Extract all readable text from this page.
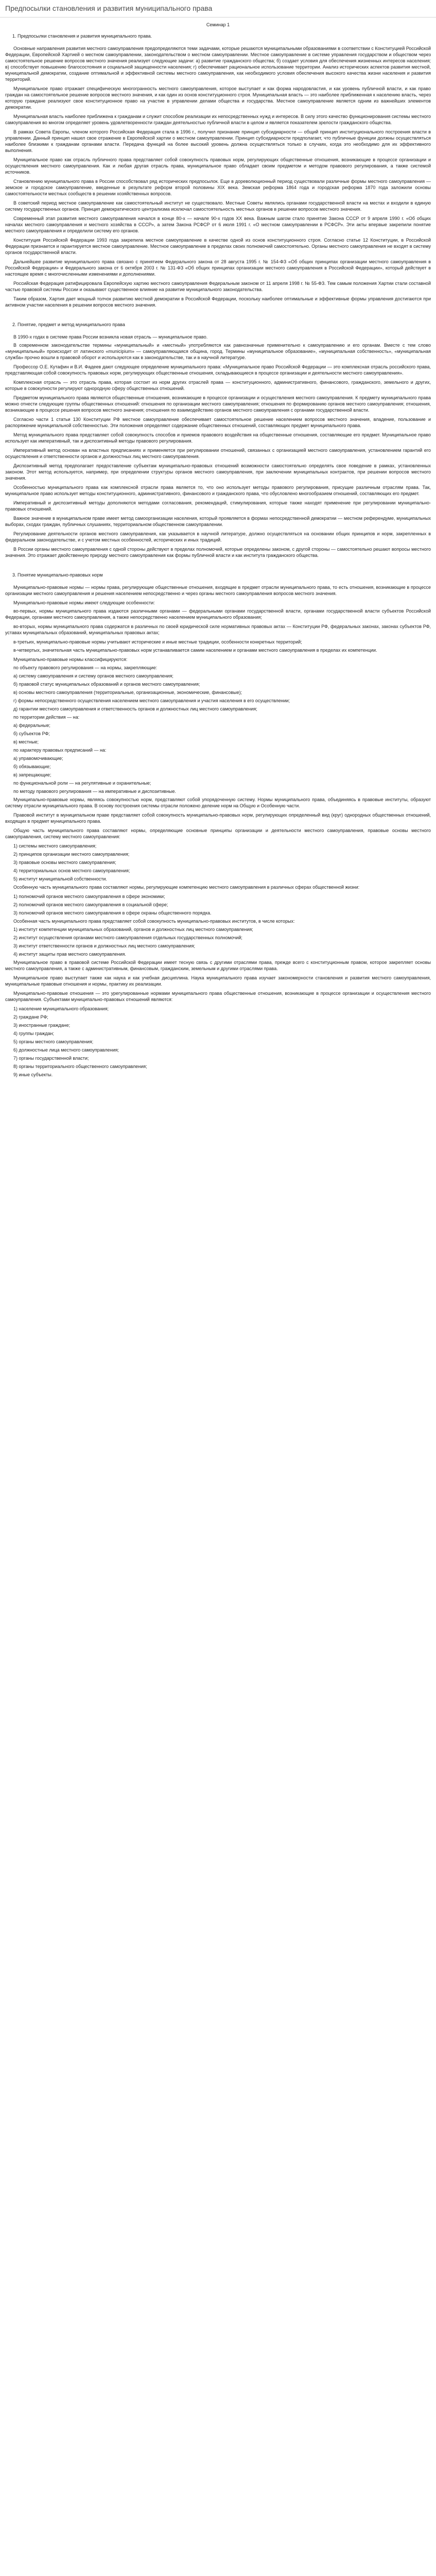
Предпосылки становления и развития муниципального права

Семинар 1

1. Предпосылки становления и развития муниципального права.

Основные направления развития местного самоуправления предопределяются теми задачами, которые решаются муниципальными образованиями в соответствии с Конституцией Российской Федерации, Европейской Хартией о местном самоуправлении, законодательством о местном самоуправлении. Местное самоуправление в системе управления государством и обществом через самостоятельное решение вопросов местного значения реализует следующие задачи: а) развитие гражданского общества; б) создает условия для обеспечения жизненных интересов населения; в) способствует повышению благосостояния и социальной защищенности населения; г) обеспечивает рациональное использование территории. Анализ исторических аспектов развития местной, муниципальной демократии, создание оптимальной и эффективной системы местного самоуправления, как необходимого условия обеспечения высокого качества жизни населения и развития территорий.

Муниципальное право отражает специфическую многогранность местного самоуправления, которое выступает и как форма народовластия, и как уровень публичной власти, и как право граждан на самостоятельное решение вопросов местного значения, и как один из основ конституционного строя. Муниципальная власть — это наиболее приближенная к населению власть, через которую граждане реализуют свое конституционное право на участие в управлении делами общества и государства. Местное самоуправление является одним из важнейших элементов демократии.

Муниципальная власть наиболее приближена к гражданам и служит способом реализации их непосредственных нужд и интересов. В силу этого качество функционирования системы местного самоуправления во многом определяет уровень удовлетворенности граждан деятельностью публичной власти в целом и является показателем зрелости гражданского общества.

В рамках Совета Европы, членом которого Российская Федерация стала в 1996 г., получил признание принцип субсидиарности — общий принцип институционального построения власти в управлении. Данный принцип нашел свое отражение в Европейской хартии о местном самоуправлении. Принцип субсидиарности предполагает, что публичные функции должны осуществляться наиболее близкими к гражданам органами власти. Передача функций на более высокий уровень должна осуществляться только в случаях, когда это необходимо для их эффективного выполнения.

Муниципальное право как отрасль публичного права представляет собой совокупность правовых норм, регулирующих общественные отношения, возникающие в процессе организации и осуществления местного самоуправления. Как и любая другая отрасль права, муниципальное право обладает своим предметом и методом правового регулирования, а также системой источников.

Становлению муниципального права в России способствовал ряд исторических предпосылок. Еще в дореволюционный период существовали различные формы местного самоуправления — земское и городское самоуправление, введенные в результате реформ второй половины XIX века. Земская реформа 1864 года и городская реформа 1870 года заложили основы самостоятельности местных сообществ в решении хозяйственных вопросов.

В советский период местное самоуправление как самостоятельный институт не существовало. Местные Советы являлись органами государственной власти на местах и входили в единую систему государственных органов. Принцип демократического централизма исключал самостоятельность местных органов в решении вопросов местного значения.

Современный этап развития местного самоуправления начался в конце 80-х — начале 90-х годов XX века. Важным шагом стало принятие Закона СССР от 9 апреля 1990 г. «Об общих началах местного самоуправления и местного хозяйства в СССР», а затем Закона РСФСР от 6 июля 1991 г. «О местном самоуправлении в РСФСР». Эти акты впервые закрепили понятие местного самоуправления и определили систему его органов.

Конституция Российской Федерации 1993 года закрепила местное самоуправление в качестве одной из основ конституционного строя. Согласно статье 12 Конституции, в Российской Федерации признается и гарантируется местное самоуправление. Местное самоуправление в пределах своих полномочий самостоятельно. Органы местного самоуправления не входят в систему органов государственной власти.

Дальнейшее развитие муниципального права связано с принятием Федерального закона от 28 августа 1995 г. № 154-ФЗ «Об общих принципах организации местного самоуправления в Российской Федерации» и Федерального закона от 6 октября 2003 г. № 131-ФЗ «Об общих принципах организации местного самоуправления в Российской Федерации», который действует в настоящее время с многочисленными изменениями и дополнениями.

Российская Федерация ратифицировала Европейскую хартию местного самоуправления Федеральным законом от 11 апреля 1998 г. № 55-ФЗ. Тем самым положения Хартии стали составной частью правовой системы России и оказывают существенное влияние на развитие муниципального законодательства.

Таким образом, Хартия дает мощный толчок развитию местной демократии в Российской Федерации, поскольку наиболее оптимальные и эффективные формы управления достигаются при активном участии населения в решении вопросов местного значения.

2. Понятие, предмет и метод муниципального права

В 1990-х годах в системе права России возникла новая отрасль — муниципальное право.

В современном законодательстве термины «муниципальный» и «местный» употребляются как равнозначные применительно к самоуправлению и его органам. Вместе с тем слово «муниципальный» происходит от латинского «municipium» — самоуправляющаяся община, город. Термины «муниципальное образование», «муниципальная собственность», «муниципальная служба» прочно вошли в правовой оборот и используются как в законодательстве, так и в научной литературе.

Профессор О.Е. Кутафин и В.И. Фадеев дают следующее определение муниципального права: «Муниципальное право Российской Федерации — это комплексная отрасль российского права, представляющая собой совокупность правовых норм, регулирующих общественные отношения, складывающиеся в процессе организации и деятельности местного самоуправления».

Комплексная отрасль — это отрасль права, которая состоит из норм других отраслей права — конституционного, административного, финансового, гражданского, земельного и других, которые в совокупности регулируют однородную сферу общественных отношений.

Предметом муниципального права являются общественные отношения, возникающие в процессе организации и осуществления местного самоуправления. К предмету муниципального права можно отнести следующие группы общественных отношений: отношения по организации местного самоуправления; отношения по формированию органов местного самоуправления; отношения, возникающие в процессе решения вопросов местного значения; отношения по взаимодействию органов местного самоуправления с органами государственной власти.

Согласно части 1 статьи 130 Конституции РФ местное самоуправление обеспечивает самостоятельное решение населением вопросов местного значения, владение, пользование и распоряжение муниципальной собственностью. Эти положения определяют содержание общественных отношений, составляющих предмет муниципального права.

Метод муниципального права представляет собой совокупность способов и приемов правового воздействия на общественные отношения, составляющие его предмет. Муниципальное право использует как императивный, так и диспозитивный методы правового регулирования.

Императивный метод основан на властных предписаниях и применяется при регулировании отношений, связанных с организацией местного самоуправления, установлением гарантий его осуществления и ответственности органов и должностных лиц местного самоуправления.

Диспозитивный метод предполагает предоставление субъектам муниципально-правовых отношений возможности самостоятельно определять свое поведение в рамках, установленных законом. Этот метод используется, например, при определении структуры органов местного самоуправления, при заключении муниципальных контрактов, при решении вопросов местного значения.

Особенностью муниципального права как комплексной отрасли права является то, что оно использует методы правового регулирования, присущие различным отраслям права. Так, муниципальное право использует методы конституционного, административного, финансового и гражданского права, что обусловлено многообразием отношений, составляющих его предмет.

Императивный и диспозитивный методы дополняются методами согласования, рекомендаций, стимулирования, которые также находят применение при регулировании муниципально-правовых отношений.

Важное значение в муниципальном праве имеет метод самоорганизации населения, который проявляется в формах непосредственной демократии — местном референдуме, муниципальных выборах, сходах граждан, публичных слушаниях, территориальном общественном самоуправлении.

Регулирование деятельности органов местного самоуправления, как указывается в научной литературе, должно осуществляться на основании общих принципов и норм, закрепленных в федеральном законодательстве, и с учетом местных особенностей, исторических и иных традиций.

В России органы местного самоуправления с одной стороны действуют в пределах полномочий, которые определены законом, с другой стороны — самостоятельно решают вопросы местного значения. Это отражает двойственную природу местного самоуправления как формы публичной власти и как института гражданского общества.

3. Понятие муниципально-правовых норм

Муниципально-правовые нормы — нормы права, регулирующие общественные отношения, входящие в предмет отрасли муниципального права, то есть отношения, возникающие в процессе организации местного самоуправления и решения населением непосредственно и через органы местного самоуправления вопросов местного значения.

Муниципально-правовые нормы имеют следующие особенности:

во-первых, нормы муниципального права издаются различными органами — федеральными органами государственной власти, органами государственной власти субъектов Российской Федерации, органами местного самоуправления, а также непосредственно населением муниципального образования;

во-вторых, нормы муниципального права содержатся в различных по своей юридической силе нормативных правовых актах — Конституции РФ, федеральных законах, законах субъектов РФ, уставах муниципальных образований, муниципальных правовых актах;

в-третьих, муниципально-правовые нормы учитывают исторические и иные местные традиции, особенности конкретных территорий;

в-четвертых, значительная часть муниципально-правовых норм устанавливается самим населением и органами местного самоуправления в пределах их компетенции.

Муниципально-правовые нормы классифицируются:

по объекту правового регулирования — на нормы, закрепляющие:

а) систему самоуправления и систему органов местного самоуправления;

б) правовой статус муниципальных образований и органов местного самоуправления;

в) основы местного самоуправления (территориальные, организационные, экономические, финансовые);

г) формы непосредственного осуществления населением местного самоуправления и участия населения в его осуществлении;

д) гарантии местного самоуправления и ответственность органов и должностных лиц местного самоуправления;

по территории действия — на:

а) федеральные;

б) субъектов РФ;

в) местные;

по характеру правовых предписаний — на:

а) управомочивающие;

б) обязывающие;

в) запрещающие;

по функциональной роли — на регулятивные и охранительные;

по методу правового регулирования — на императивные и диспозитивные.

Муниципально-правовые нормы, являясь совокупностью норм, представляют собой упорядоченную систему. Нормы муниципального права, объединяясь в правовые институты, образуют систему отрасли муниципального права. В основу построения системы отрасли положено деление норм на Общую и Особенную части.

Правовой институт в муниципальном праве представляет собой совокупность муниципально-правовых норм, регулирующих определенный вид (круг) однородных общественных отношений, входящих в предмет муниципального права.

Общую часть муниципального права составляют нормы, определяющие основные принципы организации и деятельности местного самоуправления, правовые основы местного самоуправления, систему местного самоуправления:

1) системы местного самоуправления;

2) принципов организации местного самоуправления;

3) правовые основы местного самоуправления;

4) территориальных основ местного самоуправления;

5) институт муниципальной собственности.

Особенную часть муниципального права составляют нормы, регулирующие компетенцию местного самоуправления в различных сферах общественной жизни:

1) полномочий органов местного самоуправления в сфере экономики;

2) полномочий органов местного самоуправления в социальной сфере;

3) полномочий органов местного самоуправления в сфере охраны общественного порядка.

Особенная часть муниципального права представляет собой совокупность муниципально-правовых институтов, в числе которых:

1) институт компетенции муниципальных образований, органов и должностных лиц местного самоуправления;

2) институт осуществления органами местного самоуправления отдельных государственных полномочий;

3) институт ответственности органов и должностных лиц местного самоуправления;

4) институт защиты прав местного самоуправления.

Муниципальное право в правовой системе Российской Федерации имеет тесную связь с другими отраслями права, прежде всего с конституционным правом, которое закрепляет основы местного самоуправления, а также с административным, финансовым, гражданским, земельным и другими отраслями права.

Муниципальное право выступает также как наука и как учебная дисциплина. Наука муниципального права изучает закономерности становления и развития местного самоуправления, муниципальные правовые отношения и нормы, практику их реализации.

Муниципально-правовые отношения — это урегулированные нормами муниципального права общественные отношения, возникающие в процессе организации и осуществления местного самоуправления. Субъектами муниципально-правовых отношений являются:

1) население муниципального образования;

2) граждане РФ;

3) иностранные граждане;

4) группы граждан;

5) органы местного самоуправления;

6) должностные лица местного самоуправления;

7) органы государственной власти;

8) органы территориального общественного самоуправления;

9) иные субъекты.
